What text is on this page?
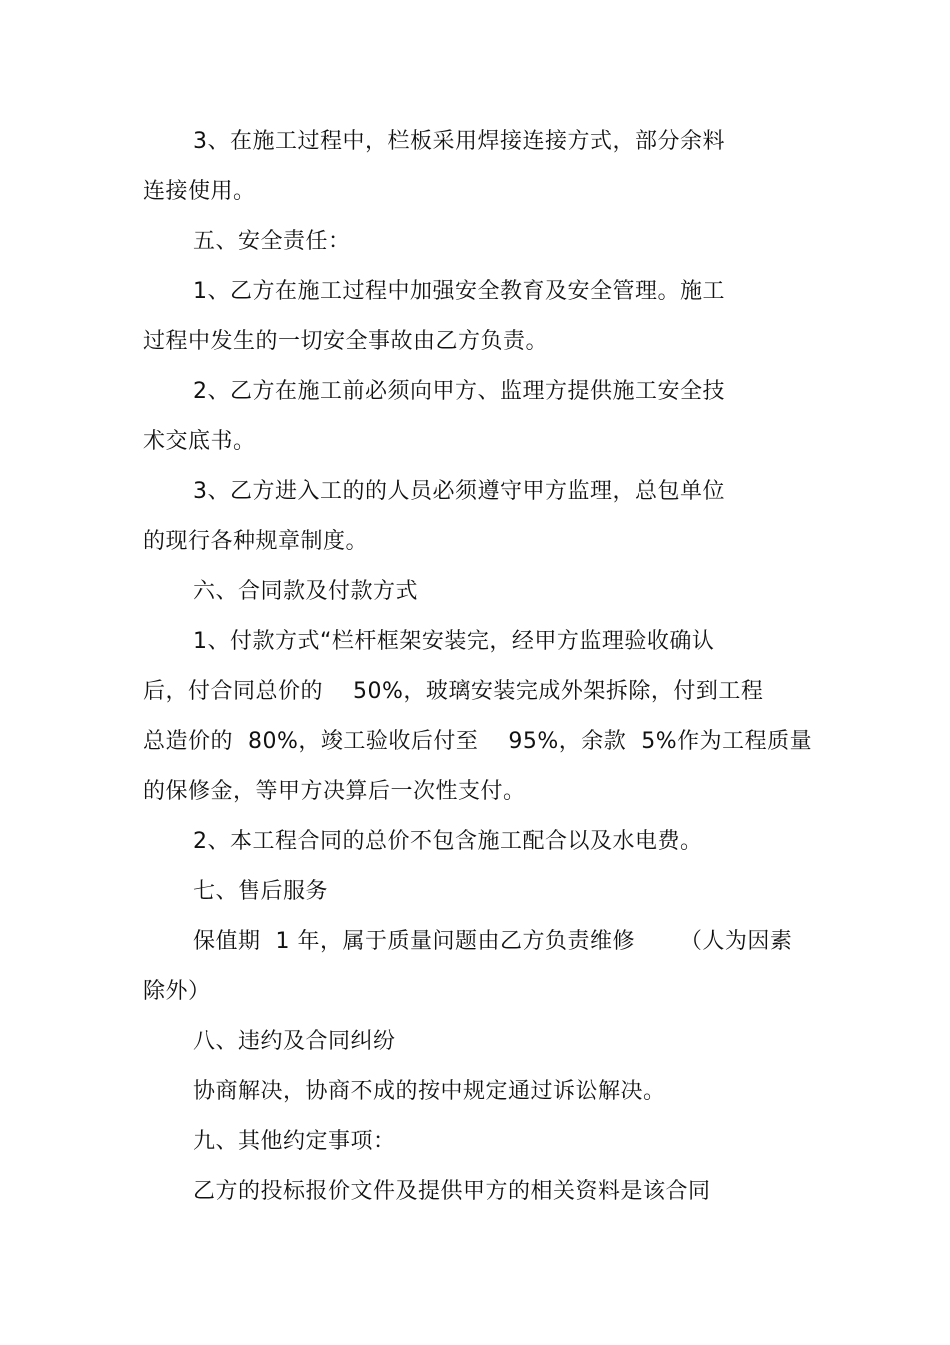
3、在施工过程中，栏板采用焊接连接方式，部分余料
连接使用。
五、安全责任：
1、乙方在施工过程中加强安全教育及安全管理。施工
过程中发生的一切安全事故由乙方负责。
2、乙方在施工前必须向甲方、监理方提供施工安全技
术交底书。
3、乙方进入工的的人员必须遵守甲方监理，总包单位
的现行各种规章制度。
六、合同款及付款方式
1、付款方式“栏杆框架安装完，经甲方监理验收确认
后，付合同总价的    50%，玻璃安装完成外架拆除，付到工程
总造价的  80%，竣工验收后付至    95%，余款  5%作为工程质量
的保修金，等甲方决算后一次性支付。
2、本工程合同的总价不包含施工配合以及水电费。
七、售后服务
保值期  1 年，属于质量问题由乙方负责维修      （人为因素
除外）
八、违约及合同纠纷
协商解决，协商不成的按中规定通过诉讼解决。
九、其他约定事项：
乙方的投标报价文件及提供甲方的相关资料是该合同
